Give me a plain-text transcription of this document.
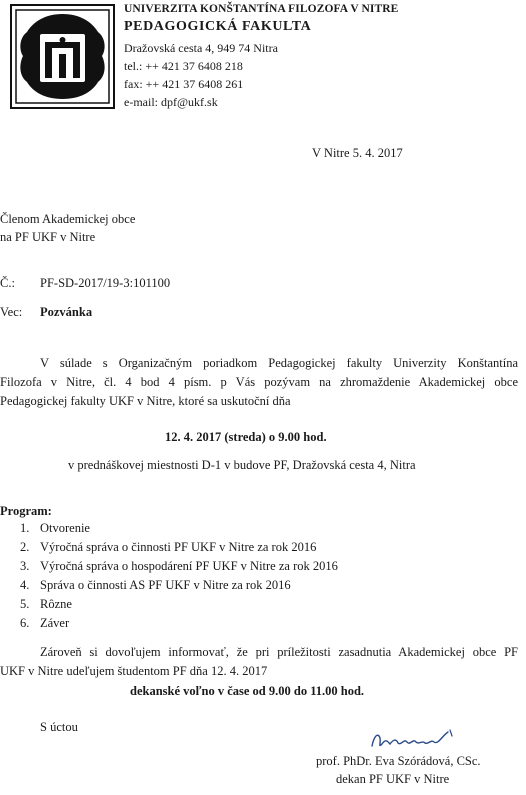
UNIVERZITA KONŠTANTÍNA FILOZOFA V NITRE
PEDAGOGICKÁ FAKULTA
Dražovská cesta 4, 949 74 Nitra
tel.: ++ 421 37 6408 218
fax: ++ 421 37 6408 261
e-mail: dpf@ukf.sk
V Nitre 5. 4. 2017
Členom Akademickej obce
na PF UKF v Nitre
Č.: PF-SD-2017/19-3:101100
Vec: Pozvánka
V súlade s Organizačným poriadkom Pedagogickej fakulty Univerzity Konštantína
Filozofa v Nitre, čl. 4 bod 4 písm. p Vás pozývam na zhromaždenie Akademickej obce
Pedagogickej fakulty UKF v Nitre, ktoré sa uskutoční dňa
12. 4. 2017 (streda) o 9.00 hod.
v prednáškovej miestnosti D-1 v budove PF, Dražovská cesta 4, Nitra
Program:
1. Otvorenie
2. Výročná správa o činnosti PF UKF v Nitre za rok 2016
3. Výročná správa o hospodárení PF UKF v Nitre za rok 2016
4. Správa o činnosti AS PF UKF v Nitre za rok 2016
5. Rôzne
6. Záver
Zároveň si dovoľujem informovať, že pri príležitosti zasadnutia Akademickej obce PF
UKF v Nitre udeľujem študentom PF dňa 12. 4. 2017
dekanské voľno v čase od 9.00 do 11.00 hod.
S úctou
prof. PhDr. Eva Szórádová, CSc.
dekan PF UKF v Nitre
